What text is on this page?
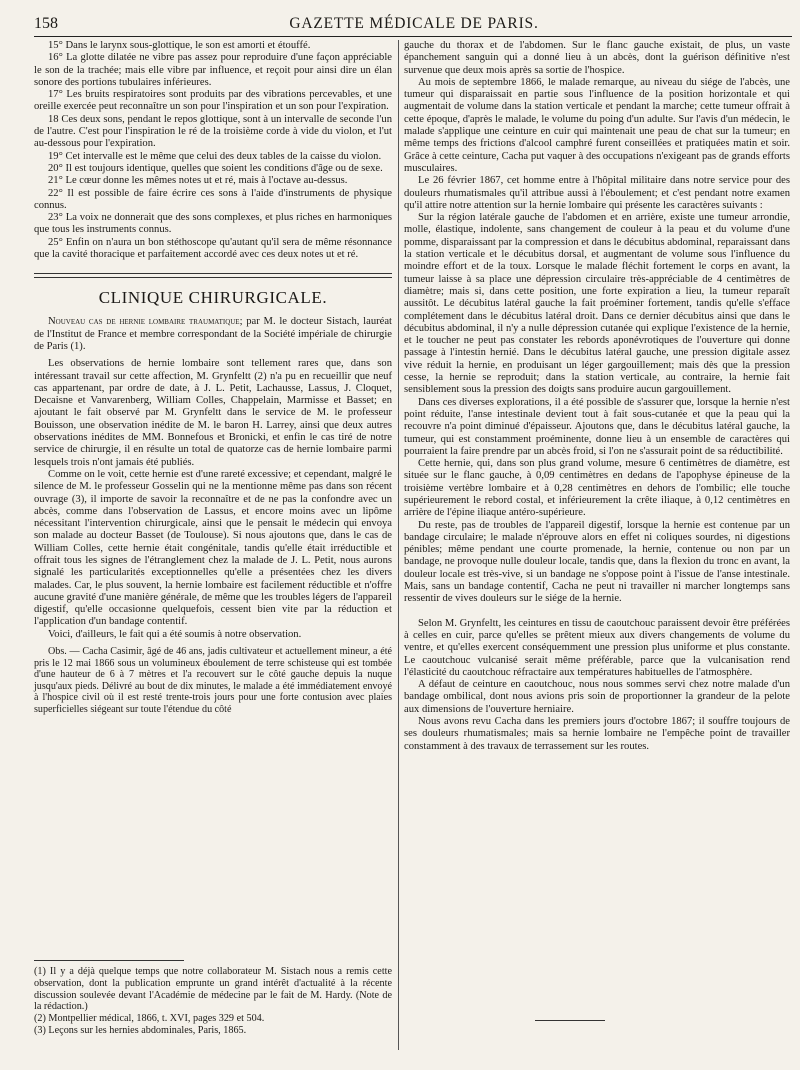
158	GAZETTE MÉDICALE DE PARIS.

15° Dans le larynx sous-glottique, le son est amorti et étouffé.

16° La glotte dilatée ne vibre pas assez pour reproduire d'une façon appréciable le son de la trachée; mais elle vibre par influence, et reçoit pour ainsi dire un élan sonore des portions tubulaires inférieures.

17° Les bruits respiratoires sont produits par des vibrations percevables, et une oreille exercée peut reconnaître un son pour l'inspiration et un son pour l'expiration.

18 Ces deux sons, pendant le repos glottique, sont à un intervalle de seconde l'un de l'autre. C'est pour l'inspiration le ré de la troisième corde à vide du violon, et l'ut au-dessous pour l'expiration.

19° Cet intervalle est le même que celui des deux tables de la caisse du violon.

20° Il est toujours identique, quelles que soient les conditions d'âge ou de sexe.

21° Le cœur donne les mêmes notes ut et ré, mais à l'octave au-dessus.

22° Il est possible de faire écrire ces sons à l'aide d'instruments de physique connus.

23° La voix ne donnerait que des sons complexes, et plus riches en harmoniques que tous les instruments connus.

25° Enfin on n'aura un bon stéthoscope qu'autant qu'il sera de même résonnance que la cavité thoracique et parfaitement accordé avec ces deux notes ut et ré.

CLINIQUE CHIRURGICALE.

Nouveau cas de hernie lombaire traumatique; par M. le docteur Sistach, lauréat de l'Institut de France et membre correspondant de la Société impériale de chirurgie de Paris (1).

Les observations de hernie lombaire sont tellement rares que, dans son intéressant travail sur cette affection, M. Grynfeltt (2) n'a pu en recueillir que neuf cas appartenant, par ordre de date, à J. L. Petit, Lachausse, Lassus, J. Cloquet, Decaisne et Vanvarenberg, William Colles, Chappelain, Marmisse et Basset; en ajoutant le fait observé par M. Grynfeltt dans le service de M. le professeur Bouisson, une observation inédite de M. le baron H. Larrey, ainsi que deux autres observations inédites de MM. Bonnefous et Bronicki, et enfin le cas tiré de notre service de chirurgie, il en résulte un total de quatorze cas de hernie lombaire parmi lesquels trois n'ont jamais été publiés.

Comme on le voit, cette hernie est d'une rareté excessive; et cependant, malgré le silence de M. le professeur Gosselin qui ne la mentionne même pas dans son récent ouvrage (3), il importe de savoir la reconnaître et de ne pas la confondre avec un abcès, comme dans l'observation de Lassus, et encore moins avec un lipôme nécessitant l'intervention chirurgicale, ainsi que le pensait le médecin qui envoya son malade au docteur Basset (de Toulouse). Si nous ajoutons que, dans le cas de William Colles, cette hernie était congénitale, tandis qu'elle était irréductible et offrait tous les signes de l'étranglement chez la malade de J. L. Petit, nous aurons signalé les particularités exceptionnelles qu'elle a présentées chez les divers malades. Car, le plus souvent, la hernie lombaire est facilement réductible et n'offre aucune gravité d'une manière générale, de même que les troubles légers de l'appareil digestif, qu'elle occasionne quelquefois, cessent bien vite par la réduction et l'application d'un bandage contentif.

Voici, d'ailleurs, le fait qui a été soumis à notre observation.

Obs. — Cacha Casimir, âgé de 46 ans, jadis cultivateur et actuellement mineur, a été pris le 12 mai 1866 sous un volumineux éboulement de terre schisteuse qui est tombée d'une hauteur de 6 à 7 mètres et l'a recouvert sur le côté gauche depuis la nuque jusqu'aux pieds. Délivré au bout de dix minutes, le malade a été immédiatement envoyé à l'hospice civil où il est resté trente-trois jours pour une forte contusion avec plaies superficielles siégeant sur toute l'étendue du côté

(1) Il y a déjà quelque temps que notre collaborateur M. Sistach nous a remis cette observation, dont la publication emprunte un grand intérêt d'actualité à la récente discussion soulevée devant l'Académie de médecine par le fait de M. Hardy. (Note de la rédaction.)

(2) Montpellier médical, 1866, t. XVI, pages 329 et 504.

(3) Leçons sur les hernies abdominales, Paris, 1865.

gauche du thorax et de l'abdomen. Sur le flanc gauche existait, de plus, un vaste épanchement sanguin qui a donné lieu à un abcès, dont la guérison définitive n'est survenue que deux mois après sa sortie de l'hospice.

Au mois de septembre 1866, le malade remarque, au niveau du siége de l'abcès, une tumeur qui disparaissait en partie sous l'influence de la position horizontale et qui augmentait de volume dans la station verticale et pendant la marche; cette tumeur offrait à cette époque, d'après le malade, le volume du poing d'un adulte. Sur l'avis d'un médecin, le malade s'applique une ceinture en cuir qui maintenait une peau de chat sur la tumeur; en même temps des frictions d'alcool camphré furent conseillées et pratiquées matin et soir. Grâce à cette ceinture, Cacha put vaquer à des occupations n'exigeant pas de grands efforts musculaires.

Le 26 février 1867, cet homme entre à l'hôpital militaire dans notre service pour des douleurs rhumatismales qu'il attribue aussi à l'éboulement; et c'est pendant notre examen qu'il attire notre attention sur la hernie lombaire qui présente les caractères suivants :

Sur la région latérale gauche de l'abdomen et en arrière, existe une tumeur arrondie, molle, élastique, indolente, sans changement de couleur à la peau et du volume d'une pomme, disparaissant par la compression et dans le décubitus abdominal, reparaissant dans la station verticale et le décubitus dorsal, et augmentant de volume sous l'influence du moindre effort et de la toux. Lorsque le malade fléchit fortement le corps en avant, la tumeur laisse à sa place une dépression circulaire très-appréciable de 4 centimètres de diamètre; mais si, dans cette position, une forte expiration a lieu, la tumeur reparaît aussitôt. Le décubitus latéral gauche la fait proéminer fortement, tandis qu'elle s'efface complétement dans le décubitus latéral droit. Dans ce dernier décubitus ainsi que dans le décubitus abdominal, il n'y a nulle dépression cutanée qui explique l'existence de la hernie, et le toucher ne peut pas constater les rebords aponévrotiques de l'ouverture qui donne passage à l'intestin hernié. Dans le décubitus latéral gauche, une pression digitale assez vive réduit la hernie, en produisant un léger gargouillement; mais dès que la pression cesse, la hernie se reproduit; dans la station verticale, au contraire, la hernie fait sensiblement sous la pression des doigts sans produire aucun gargouillement.

Dans ces diverses explorations, il a été possible de s'assurer que, lorsque la hernie n'est point réduite, l'anse intestinale devient tout à fait sous-cutanée et que la peau qui la recouvre n'a point diminué d'épaisseur. Ajoutons que, dans le décubitus latéral gauche, la tumeur, qui est constamment proéminente, donne lieu à un ensemble de caractères qui pourraient la faire prendre par un abcès froid, si l'on ne s'assurait point de sa réductibilité.

Cette hernie, qui, dans son plus grand volume, mesure 6 centimètres de diamètre, est située sur le flanc gauche, à 0,09 centimètres en dedans de l'apophyse épineuse de la troisième vertèbre lombaire et à 0,28 centimètres en dehors de l'ombilic; elle touche supérieurement le rebord costal, et inférieurement la crête iliaque, à 0,12 centimètres en arrière de l'épine iliaque antéro-supérieure.

Du reste, pas de troubles de l'appareil digestif, lorsque la hernie est contenue par un bandage circulaire; le malade n'éprouve alors en effet ni coliques sourdes, ni digestions pénibles; même pendant une courte promenade, la hernie, contenue ou non par un bandage, ne provoque nulle douleur locale, tandis que, dans la flexion du tronc en avant, la douleur locale est très-vive, si un bandage ne s'oppose point à l'issue de l'anse intestinale. Mais, sans un bandage contentif, Cacha ne peut ni travailler ni marcher longtemps sans ressentir de vives douleurs sur le siége de la hernie.

Selon M. Grynfeltt, les ceintures en tissu de caoutchouc paraissent devoir être préférées à celles en cuir, parce qu'elles se prêtent mieux aux divers changements de volume du ventre, et qu'elles exercent conséquemment une pression plus uniforme et plus constante. Le caoutchouc vulcanisé serait même préférable, parce que la vulcanisation rend l'élasticité du caoutchouc réfractaire aux températures habituelles de l'atmosphère.

A défaut de ceinture en caoutchouc, nous nous sommes servi chez notre malade d'un bandage ombilical, dont nous avions pris soin de proportionner la grandeur de la pelote aux dimensions de l'ouverture herniaire.

Nous avons revu Cacha dans les premiers jours d'octobre 1867; il souffre toujours de ses douleurs rhumatismales; mais sa hernie lombaire ne l'empêche point de travailler constamment à des travaux de terrassement sur les routes.
